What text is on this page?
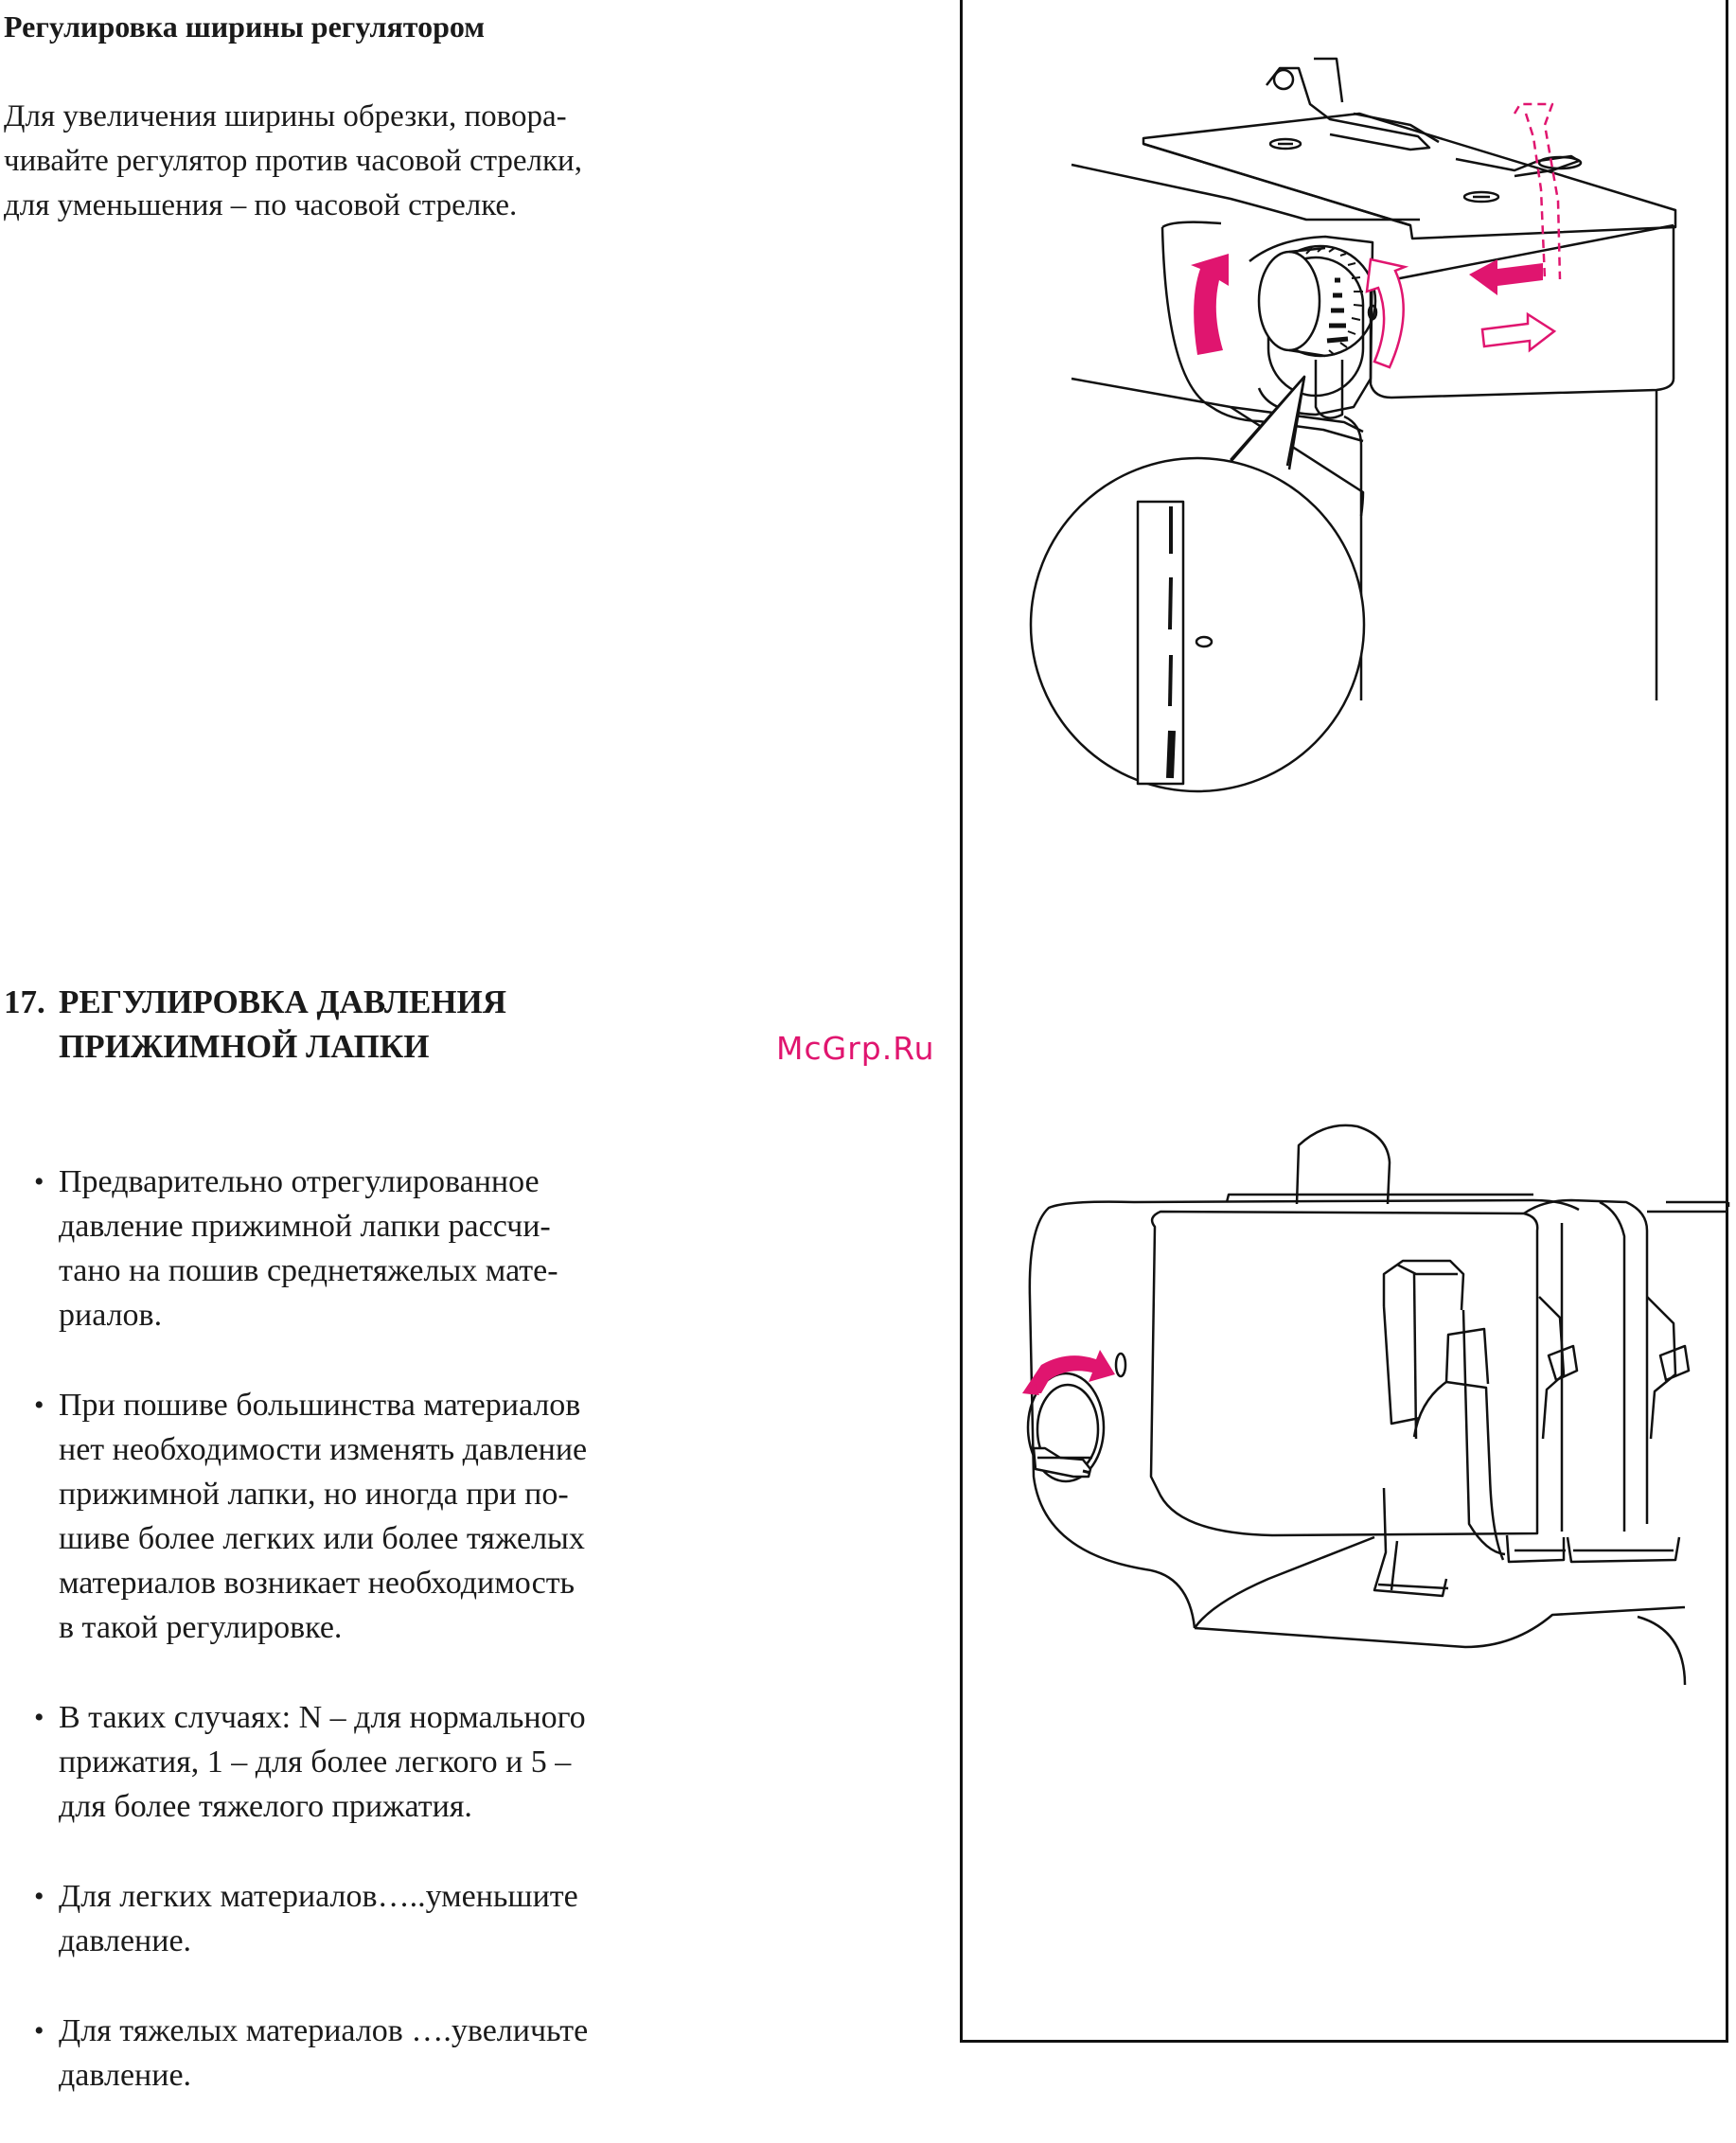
Регулировка ширины регулятором

Для увеличения ширины обрезки, повора-
чивайте регулятор против часовой стрелки,
для уменьшения – по часовой стрелке.

17. РЕГУЛИРОВКА ДАВЛЕНИЯ
ПРИЖИМНОЙ ЛАПКИ
• Предварительно отрегулированное
давление прижимной лапки рассчи-
тано на пошив среднетяжелых мате-
риалов.
• При пошиве большинства материалов
нет необходимости изменять давление
прижимной лапки, но иногда при по-
шиве более легких или более тяжелых
материалов возникает необходимость
в такой регулировке.
• В таких случаях: N – для нормального
прижатия, 1 – для более легкого и 5 –
для более тяжелого прижатия.
• Для легких материалов…..уменьшите
давление.
• Для тяжелых материалов ….увеличьте
давление.
McGrp.Ru
